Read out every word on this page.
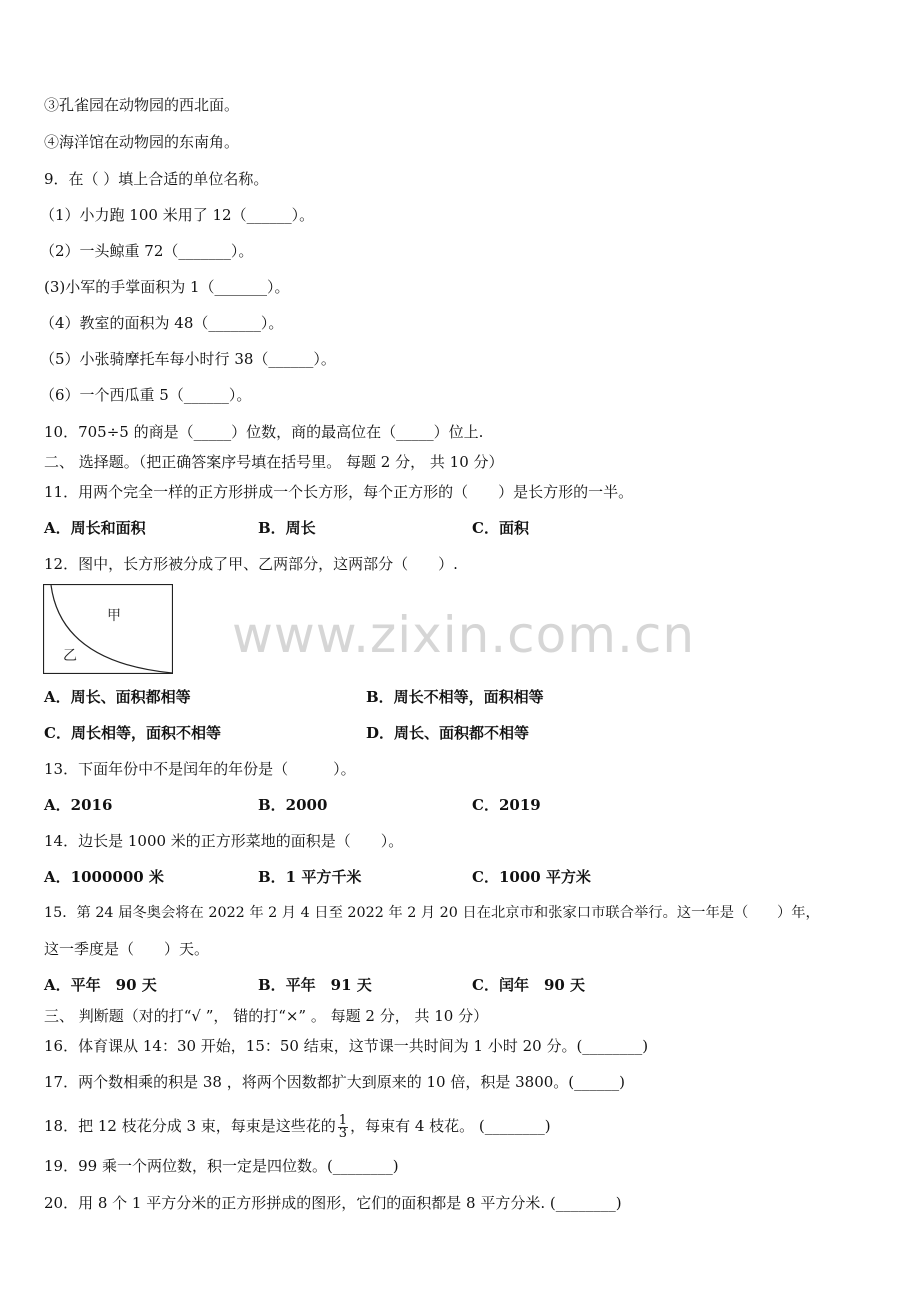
www.zixin.com.cn
③孔雀园在动物园的西北面。
④海洋馆在动物园的东南角。
9．在（ ）填上合适的单位名称。
（1）小力跑 100 米用了 12（______）。
（2）一头鲸重 72（_______）。
(3)小军的手掌面积为 1（_______）。
（4）教室的面积为 48（_______）。
（5）小张骑摩托车每小时行 38（______）。
（6）一个西瓜重 5（______）。
10．705÷5 的商是（_____）位数，商的最高位在（_____）位上.
二、 选择题。（把正确答案序号填在括号里。 每题 2 分， 共 10 分）
11．用两个完全一样的正方形拼成一个长方形，每个正方形的（　　）是长方形的一半。
A．周长和面积	B．周长	C．面积
12．图中，长方形被分成了甲、乙两部分，这两部分（　　）.
甲
乙
A．周长、面积都相等	B．周长不相等，面积相等
C．周长相等，面积不相等	D．周长、面积都不相等
13．下面年份中不是闰年的年份是（　　　）。
A．2016	B．2000	C．2019
14．边长是 1000 米的正方形菜地的面积是（　　）。
A．1000000 米	B．1 平方千米	C．1000 平方米
15．第 24 届冬奥会将在 2022 年 2 月 4 日至 2022 年 2 月 20 日在北京市和张家口市联合举行。这一年是（　　）年，
这一季度是（　　）天。
A．平年　90 天	B．平年　91 天	C．闰年　90 天
三、 判断题（对的打“√ ”， 错的打“×” 。 每题 2 分， 共 10 分）
16．体育课从 14：30 开始，15：50 结束，这节课一共时间为 1 小时 20 分。(________)
17．两个数相乘的积是 38 ，将两个因数都扩大到原来的 10 倍，积是 3800。(______)
18．把 12 枝花分成 3 束，每束是这些花的 $\frac{1}{3}$ ，每束有 4 枝花。 (________)
19．99 乘一个两位数，积一定是四位数。(________)
20．用 8 个 1 平方分米的正方形拼成的图形，它们的面积都是 8 平方分米. (________)
